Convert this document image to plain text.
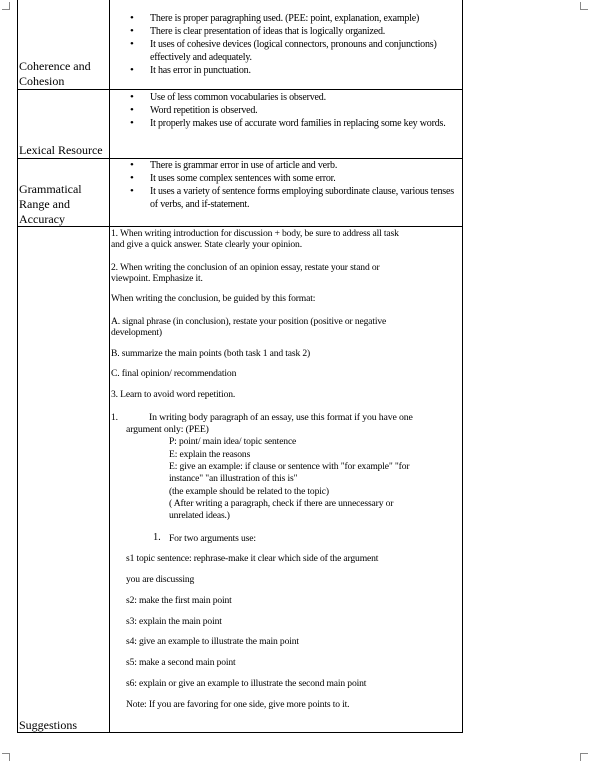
Coherence and Cohesion
• There is proper paragraphing used. (PEE: point, explanation, example)
• There is clear presentation of ideas that is logically organized.
• It uses of cohesive devices (logical connectors, pronouns and conjunctions) effectively and adequately.
• It has error in punctuation.
Lexical Resource
• Use of less common vocabularies is observed.
• Word repetition is observed.
• It properly makes use of accurate word families in replacing some key words.
Grammatical Range and Accuracy
• There is grammar error in use of article and verb.
• It uses some complex sentences with some error.
• It uses a variety of sentence forms employing subordinate clause, various tenses of verbs, and if-statement.
Suggestions
1. When writing introduction for discussion + body, be sure to address all task
and give a quick answer. State clearly your opinion.
2. When writing the conclusion of an opinion essay, restate your stand or
viewpoint. Emphasize it.
When writing the conclusion, be guided by this format:
A. signal phrase (in conclusion), restate your position (positive or negative
development)
B. summarize the main points (both task 1 and task 2)
C. final opinion/ recommendation
3. Learn to avoid word repetition.
1.	In writing body paragraph of an essay, use this format if you have one
argument only: (PEE)
P: point/ main idea/ topic sentence
E: explain the reasons
E: give an example: if clause or sentence with "for example" "for
instance" "an illustration of this is"
(the example should be related to the topic)
( After writing a paragraph, check if there are unnecessary or
unrelated ideas.)
1. For two arguments use:
s1 topic sentence: rephrase-make it clear which side of the argument
you are discussing
s2: make the first main point
s3: explain the main point
s4: give an example to illustrate the main point
s5: make a second main point
s6: explain or give an example to illustrate the second main point
Note: If you are favoring for one side, give more points to it.
